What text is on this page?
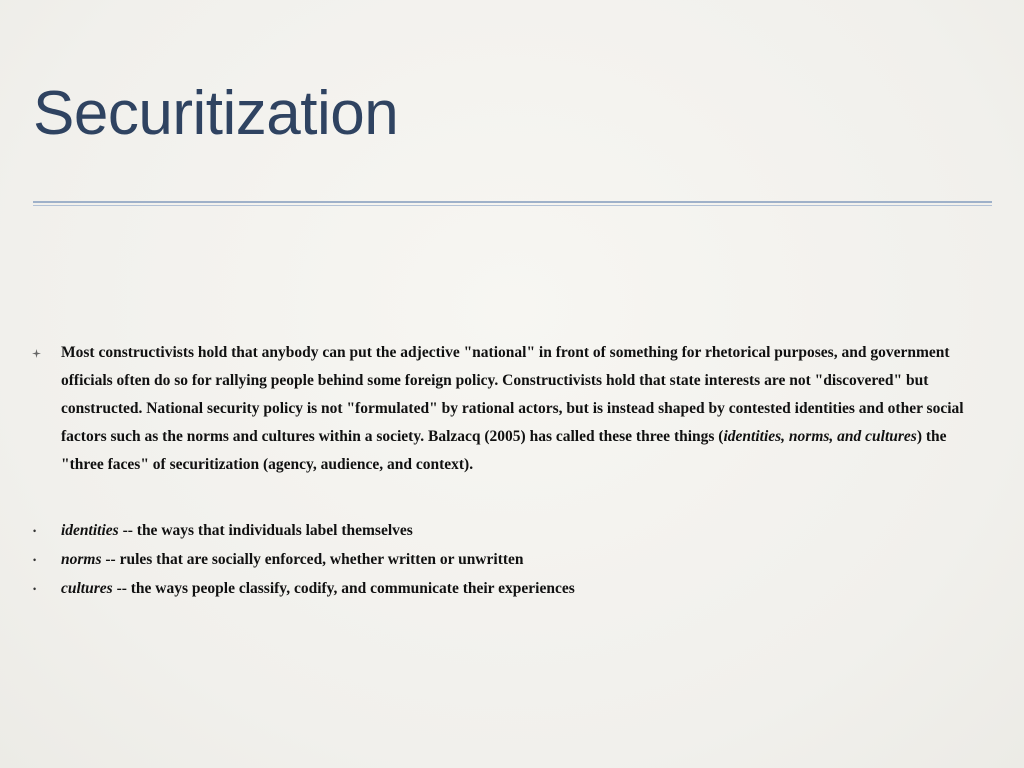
Securitization
Most constructivists hold that anybody can put the adjective "national" in front of something for rhetorical purposes, and government officials often do so for rallying people behind some foreign policy. Constructivists hold that state interests are not "discovered" but constructed. National security policy is not "formulated" by rational actors, but is instead shaped by contested identities and other social factors such as the norms and cultures within a society. Balzacq (2005) has called these three things (identities, norms, and cultures) the "three faces" of securitization (agency, audience, and context).
• identities -- the ways that individuals label themselves
• norms -- rules that are socially enforced, whether written or unwritten
• cultures -- the ways people classify, codify, and communicate their experiences
